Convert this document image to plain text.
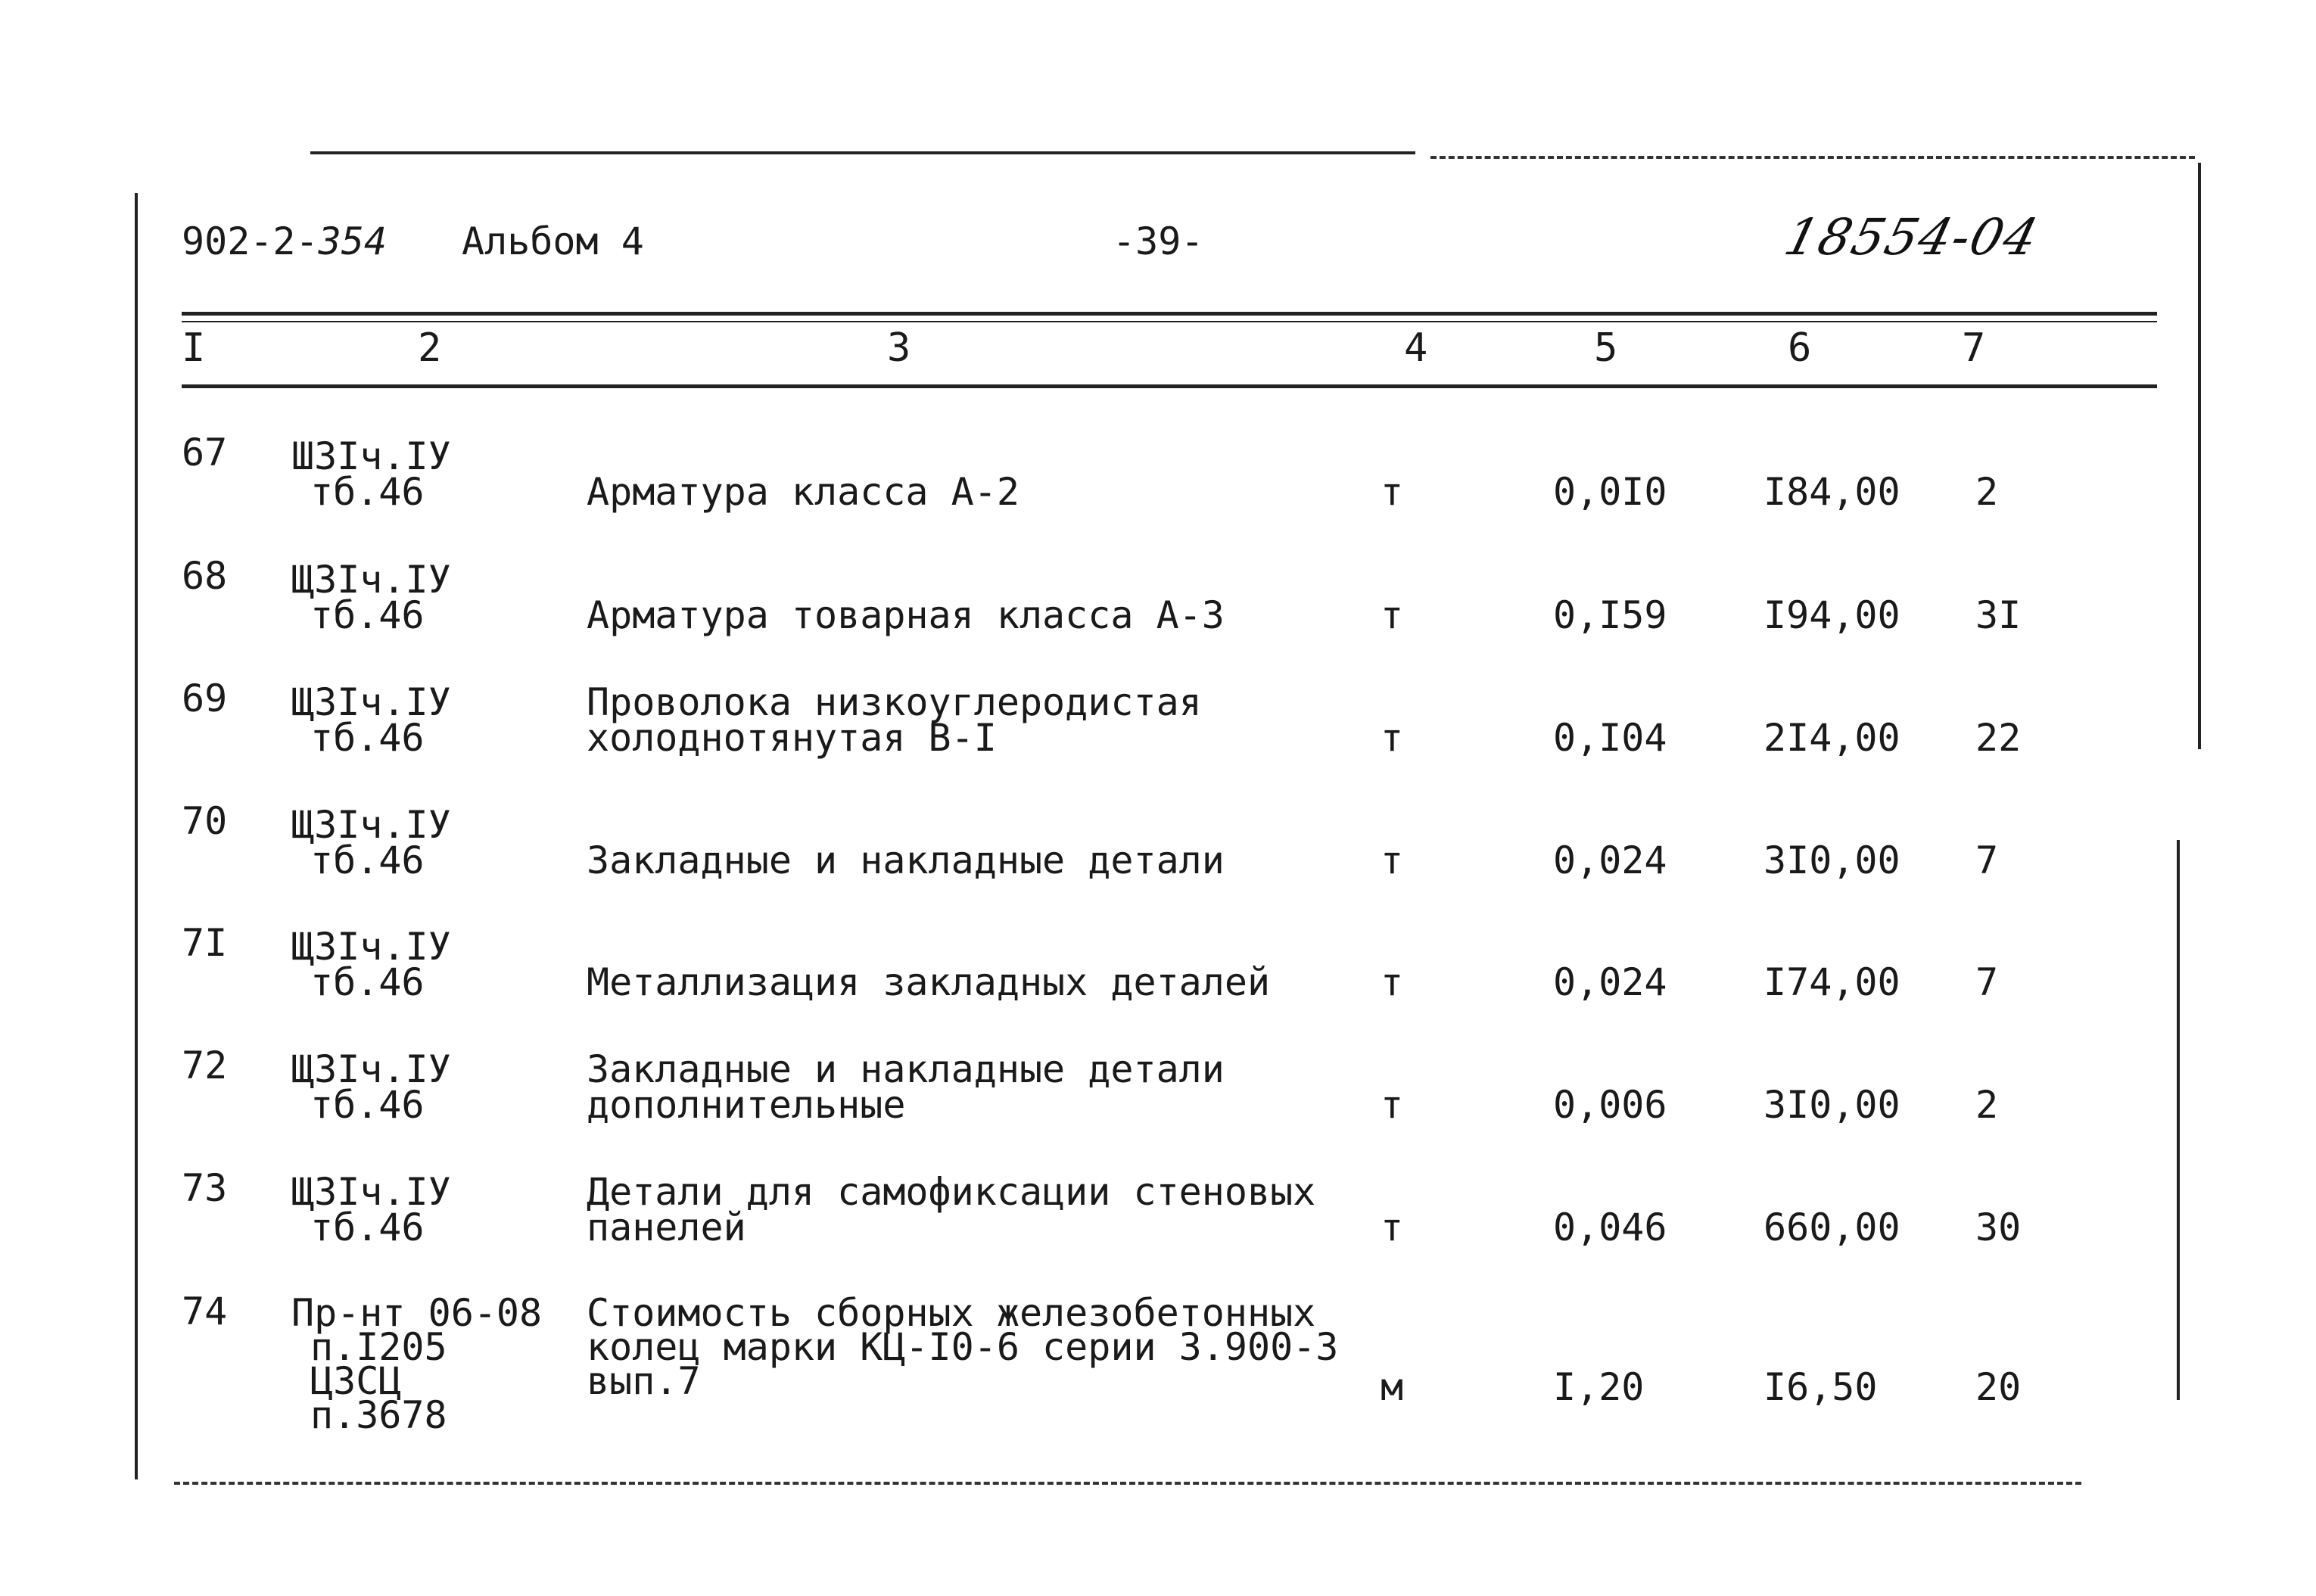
902-2-354 Альбом 4	-39-	18554-04
I	2	3	4	5	6	7
67 ШЗIч.IУ
тб.46	Арматура класса А-2	т	0,0I0	I84,00 2
68 ЩЗIч.IУ
тб.46	Арматура товарная класса А-3	т	0,I59	I94,00 3I
69 ЩЗIч.IУ
тб.46
Проволока низкоуглеродистая
холоднотянутая В-I	т	0,I04	2I4,00 22
70 ЩЗIч.IУ
тб.46	Закладные и накладные детали	т	0,024	3I0,00 7
7I ЩЗIч.IУ
тб.46	Металлизация закладных деталей	т	0,024	I74,00 7
72 ЩЗIч.IУ
тб.46
Закладные и накладные детали
дополнительные	т	0,006	3I0,00 2
73 ЩЗIч.IУ
тб.46
Детали для самофиксации стеновых
панелей	т	0,046	660,00 30
74 Пр-нт 06-08
п.I205
ЦЗСЦ
п.3678
Стоимость сборных железобетонных
колец марки КЦ-I0-6 серии 3.900-3
вып.7	м	I,20	I6,50	20
